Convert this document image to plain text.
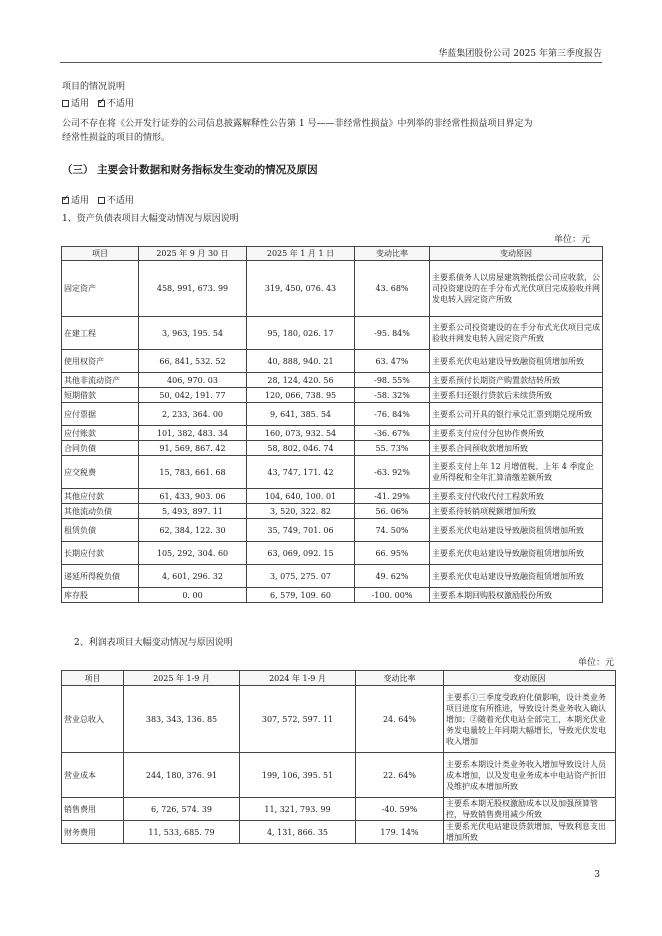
华蓝集团股份公司 2025 年第三季度报告
项目的情况说明
适用 ✓ 不适用
公司不存在将《公开发行证券的公司信息披露解释性公告第 1 号——非经常性损益》中列举的非经常性损益项目界定为
经常性损益的项目的情形。
（三） 主要会计数据和财务指标发生变动的情况及原因
✓适用 不适用
1、资产负债表项目大幅变动情况与原因说明
单位：元
项目	2025 年 9 月 30 日	2025 年 1 月 1 日	变动比率	变动原因
固定资产	458, 991, 673. 99	319, 450, 076. 43	43. 68%	主要系债务人以房屋建筑物抵偿公司应收款，公司投资建设的在手分布式光伏项目完成验收并网发电转入固定资产所致
在建工程	3, 963, 195. 54	95, 180, 026. 17	-95. 84%	主要系公司投资建设的在手分布式光伏项目完成验收并网发电转入固定资产所致
使用权资产	66, 841, 532. 52	40, 888, 940. 21	63. 47%	主要系光伏电站建设导致融资租赁增加所致
其他非流动资产	406, 970. 03	28, 124, 420. 56	-98. 55%	主要系预付长期资产购置款结转所致
短期借款	50, 042, 191. 77	120, 066, 738. 95	-58. 32%	主要系归还银行贷款后未续贷所致
应付票据	2, 233, 364. 00	9, 641, 385. 54	-76. 84%	主要系公司开具的银行承兑汇票到期兑现所致
应付账款	101, 382, 483. 34	160, 073, 932. 54	-36. 67%	主要系支付应付分包协作费所致
合同负债	91, 569, 867. 42	58, 802, 046. 74	55. 73%	主要系合同预收款增加所致
应交税费	15, 783, 661. 68	43, 747, 171. 42	-63. 92%	主要系支付上年 12 月增值税、上年 4 季度企业所得税和全年汇算清缴差额所致
其他应付款	61, 433, 903. 06	104, 640, 100. 01	-41. 29%	主要系支付代收代付工程款所致
其他流动负债	5, 493, 897. 11	3, 520, 322. 82	56. 06%	主要系待转销项税额增加所致
租赁负债	62, 384, 122. 30	35, 749, 701. 06	74. 50%	主要系光伏电站建设导致融资租赁增加所致
长期应付款	105, 292, 304. 60	63, 069, 092. 15	66. 95%	主要系光伏电站建设导致融资租赁增加所致
递延所得税负债	4, 601, 296. 32	3, 075, 275. 07	49. 62%	主要系光伏电站建设导致融资租赁增加所致
库存股	0. 00	6, 579, 109. 60	-100. 00%	主要系本期回购股权激励股份所致
2、利润表项目大幅变动情况与原因说明
单位：元
项目	2025 年 1-9 月	2024 年 1-9 月	变动比率	变动原因
营业总收入	383, 343, 136. 85	307, 572, 597. 11	24. 64%	主要系①三季度受政府化债影响，设计类业务项目进度有所推进，导致设计类业务收入确认增加；②随着光伏电站全部完工，本期光伏业务发电量较上年同期大幅增长，导致光伏发电收入增加
营业成本	244, 180, 376. 91	199, 106, 395. 51	22. 64%	主要系本期设计类业务收入增加导致设计人员成本增加，以及发电业务成本中电站资产折旧及维护成本增加所致
销售费用	6, 726, 574. 39	11, 321, 793. 99	-40. 59%	主要系本期无股权激励成本以及加强预算管控，导致销售费用减少所致
财务费用	11, 533, 685. 79	4, 131, 866. 35	179. 14%	主要系光伏电站建设贷款增加，导致利息支出增加所致
3
